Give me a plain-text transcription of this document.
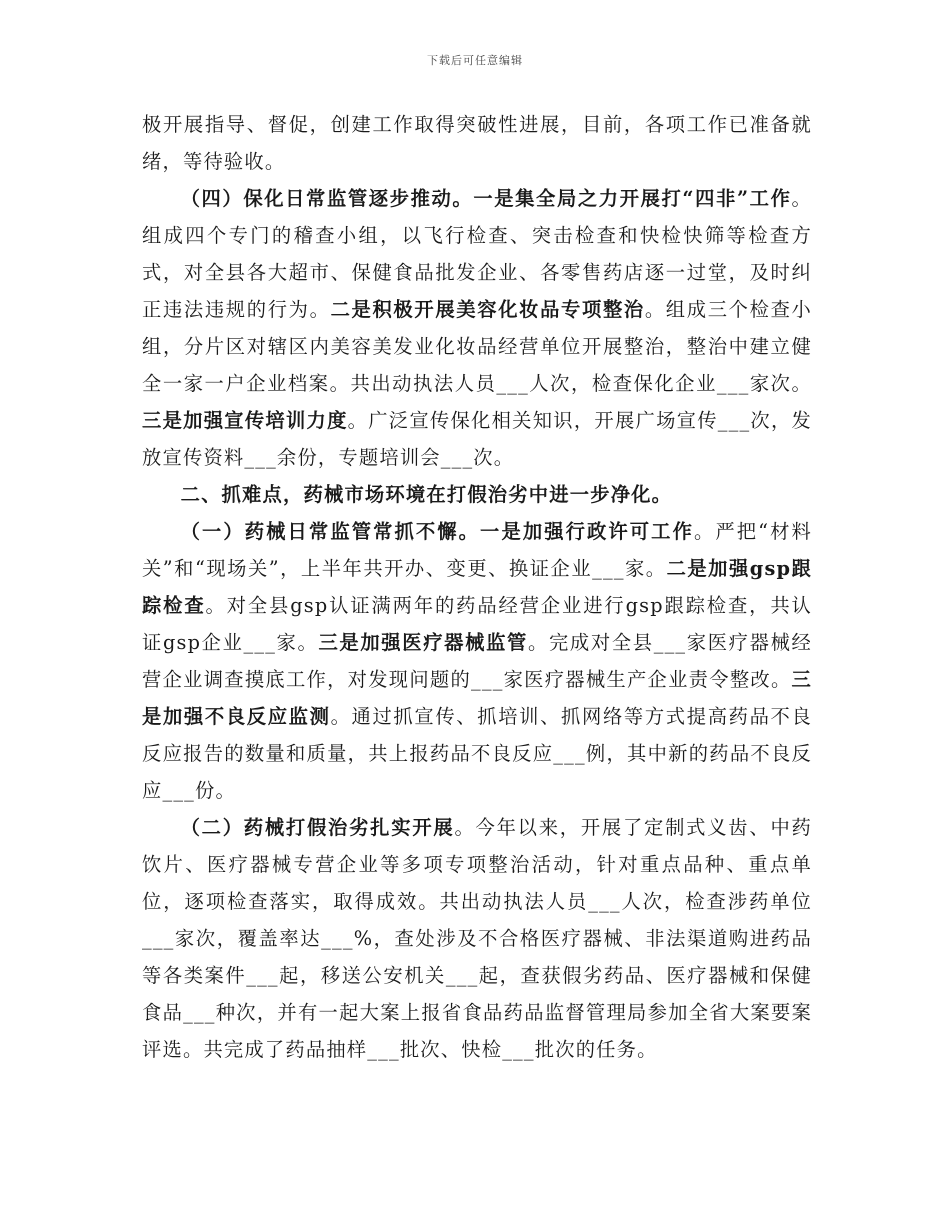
下载后可任意编辑

极开展指导、督促，创建工作取得突破性进展，目前，各项工作已准备就绪，等待验收。

（四）保化日常监管逐步推动。一是集全局之力开展打“四非”工作。组成四个专门的稽查小组，以飞行检查、突击检查和快检快筛等检查方式，对全县各大超市、保健食品批发企业、各零售药店逐一过堂，及时纠正违法违规的行为。二是积极开展美容化妆品专项整治。组成三个检查小组，分片区对辖区内美容美发业化妆品经营单位开展整治，整治中建立健全一家一户企业档案。共出动执法人员___人次，检查保化企业___家次。三是加强宣传培训力度。广泛宣传保化相关知识，开展广场宣传___次，发放宣传资料___余份，专题培训会___次。

二、抓难点，药械市场环境在打假治劣中进一步净化。

（一）药械日常监管常抓不懈。一是加强行政许可工作。严把“材料关”和“现场关”，上半年共开办、变更、换证企业___家。二是加强gsp跟踪检查。对全县gsp认证满两年的药品经营企业进行gsp跟踪检查，共认证gsp企业___家。三是加强医疗器械监管。完成对全县___家医疗器械经营企业调查摸底工作，对发现问题的___家医疗器械生产企业责令整改。三是加强不良反应监测。通过抓宣传、抓培训、抓网络等方式提高药品不良反应报告的数量和质量，共上报药品不良反应___例，其中新的药品不良反应___份。

（二）药械打假治劣扎实开展。今年以来，开展了定制式义齿、中药饮片、医疗器械专营企业等多项专项整治活动，针对重点品种、重点单位，逐项检查落实，取得成效。共出动执法人员___人次，检查涉药单位___家次，覆盖率达___%，查处涉及不合格医疗器械、非法渠道购进药品等各类案件___起，移送公安机关___起，查获假劣药品、医疗器械和保健食品___种次，并有一起大案上报省食品药品监督管理局参加全省大案要案评选。共完成了药品抽样___批次、快检___批次的任务。
